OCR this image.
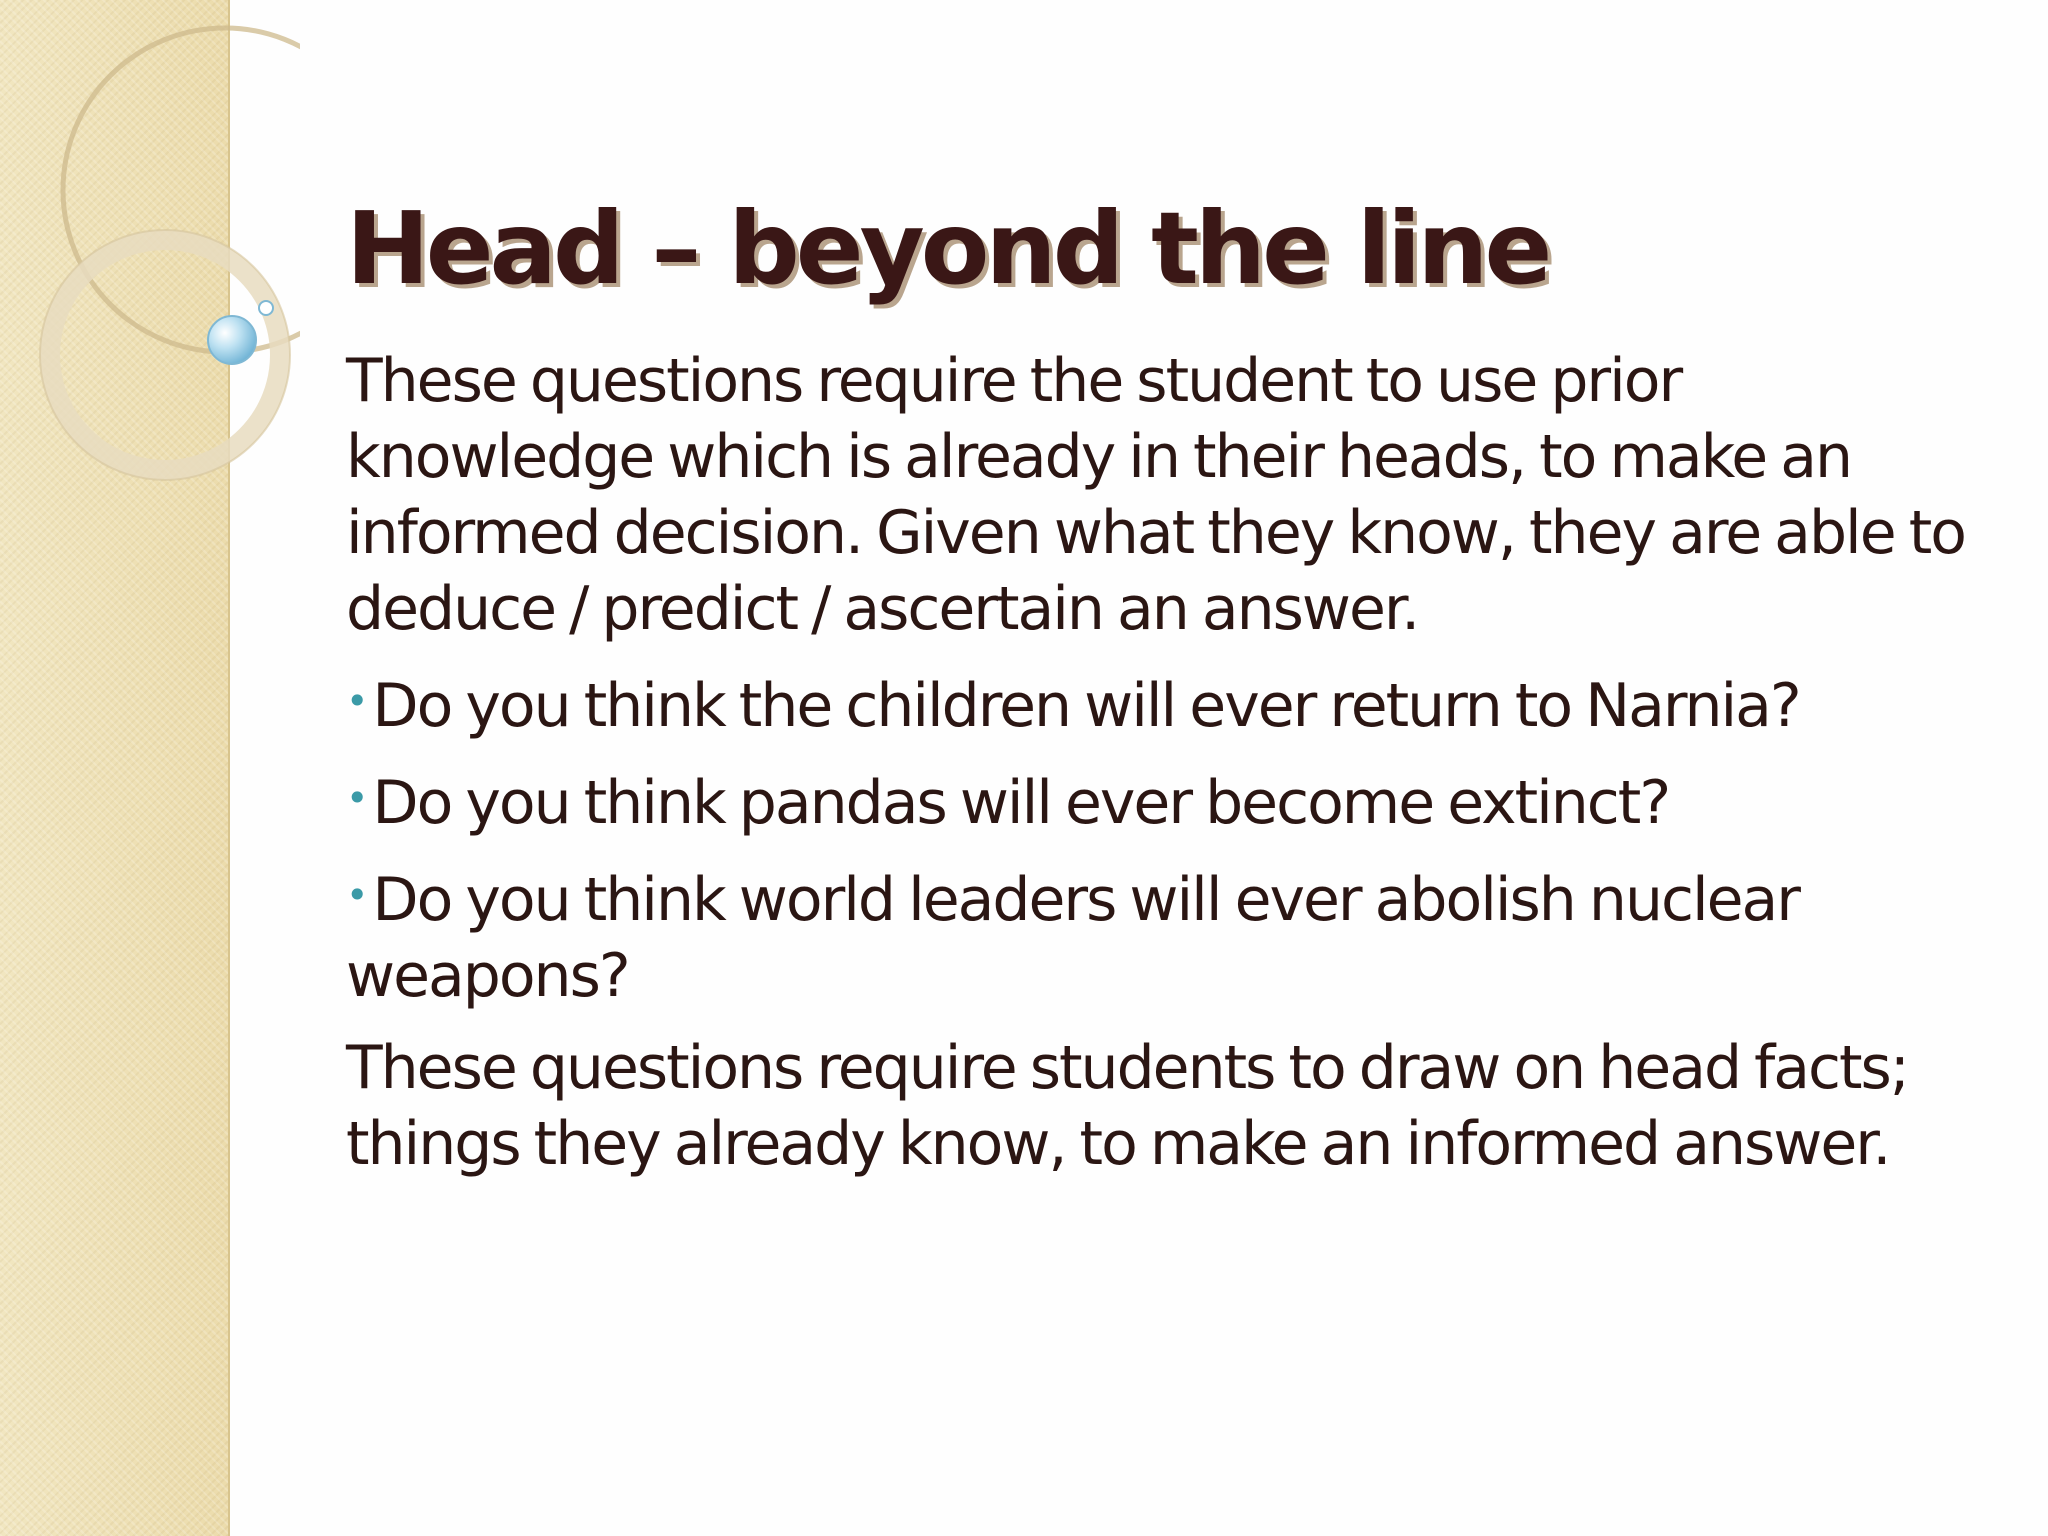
Head – beyond the line

These questions require the student to use prior knowledge which is already in their heads, to make an informed decision. Given what they know, they are able to deduce / predict / ascertain an answer.

• Do you think the children will ever return to Narnia?

• Do you think pandas will ever become extinct?

• Do you think world leaders will ever abolish nuclear weapons?

These questions require students to draw on head facts; things they already know, to make an informed answer.
